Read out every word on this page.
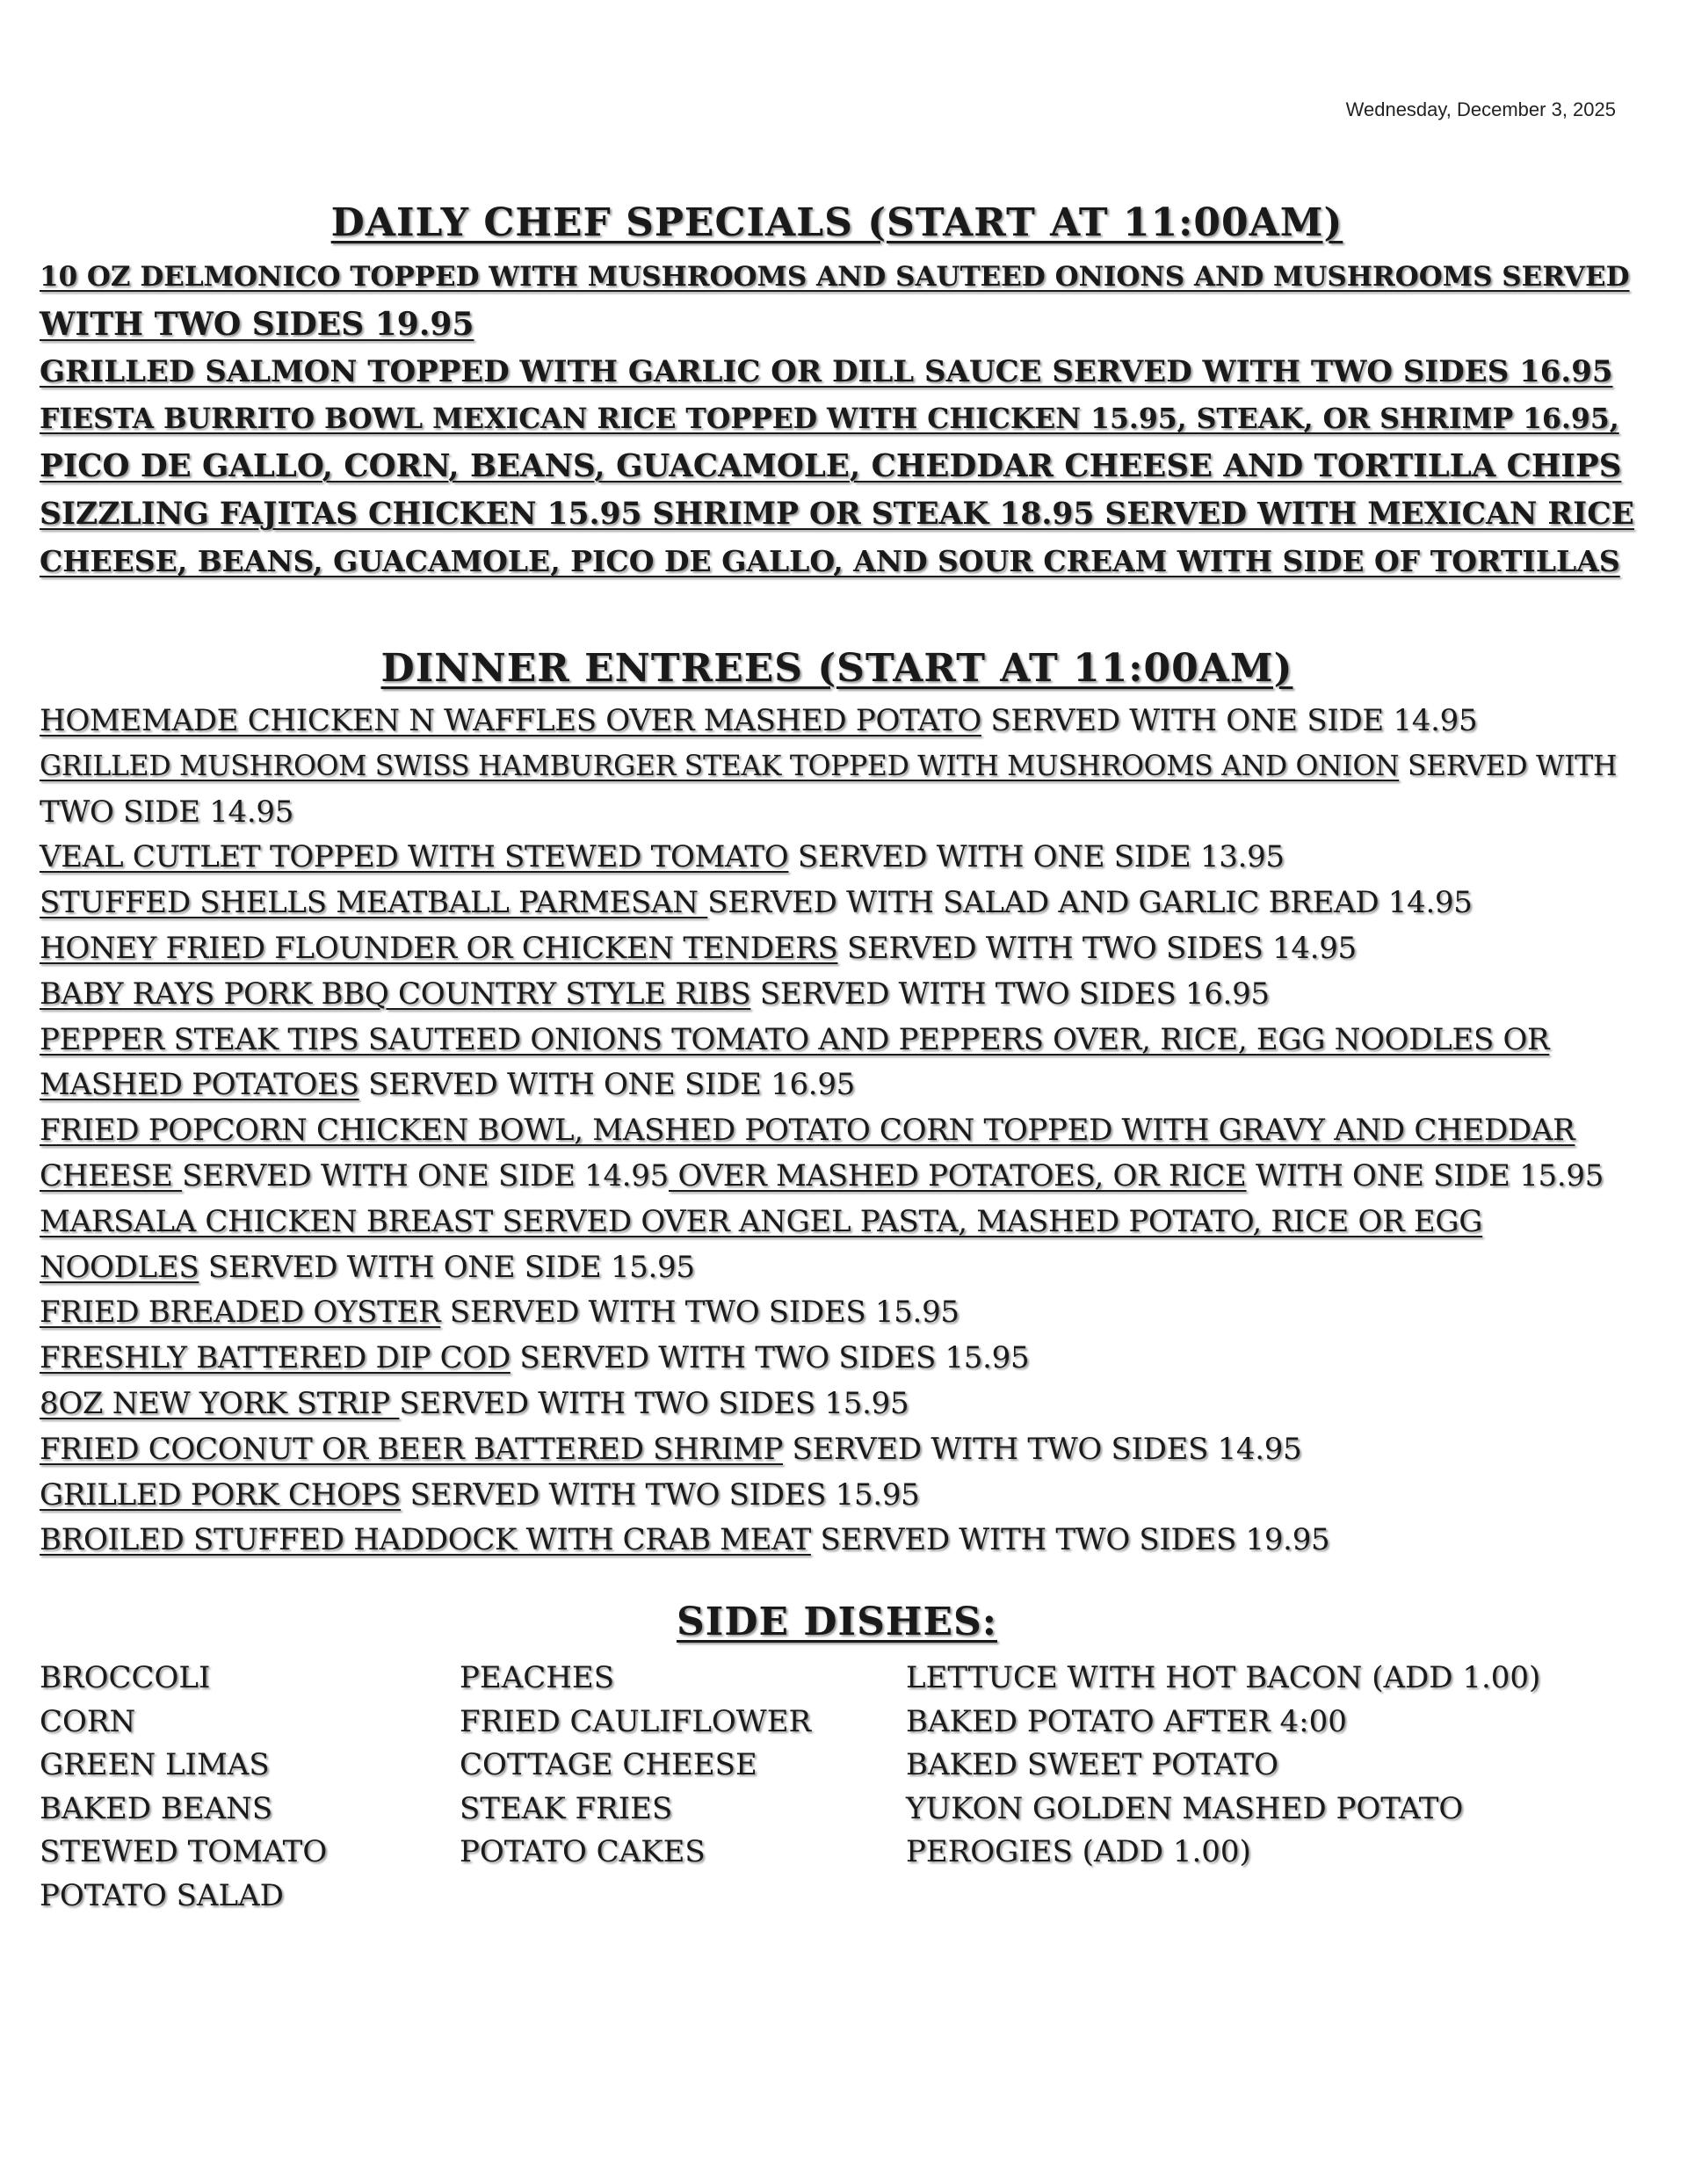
Wednesday, December 3, 2025
DAILY CHEF SPECIALS (START AT 11:00AM)
10 OZ DELMONICO TOPPED WITH MUSHROOMS AND SAUTEED ONIONS AND MUSHROOMS SERVED
WITH TWO SIDES 19.95
GRILLED SALMON TOPPED WITH GARLIC OR DILL SAUCE SERVED WITH TWO SIDES 16.95
FIESTA BURRITO BOWL MEXICAN RICE TOPPED WITH CHICKEN 15.95, STEAK, OR SHRIMP 16.95,
PICO DE GALLO, CORN, BEANS, GUACAMOLE, CHEDDAR CHEESE AND TORTILLA CHIPS
SIZZLING FAJITAS CHICKEN 15.95 SHRIMP OR STEAK 18.95 SERVED WITH MEXICAN RICE
CHEESE, BEANS, GUACAMOLE, PICO DE GALLO, AND SOUR CREAM WITH SIDE OF TORTILLAS
DINNER ENTREES (START AT 11:00AM)
HOMEMADE CHICKEN N WAFFLES OVER MASHED POTATO SERVED WITH ONE SIDE 14.95
GRILLED MUSHROOM SWISS HAMBURGER STEAK TOPPED WITH MUSHROOMS AND ONION SERVED WITH
TWO SIDE 14.95
VEAL CUTLET TOPPED WITH STEWED TOMATO SERVED WITH ONE SIDE 13.95
STUFFED SHELLS MEATBALL PARMESAN SERVED WITH SALAD AND GARLIC BREAD 14.95
HONEY FRIED FLOUNDER OR CHICKEN TENDERS SERVED WITH TWO SIDES 14.95
BABY RAYS PORK BBQ COUNTRY STYLE RIBS SERVED WITH TWO SIDES 16.95
PEPPER STEAK TIPS SAUTEED ONIONS TOMATO AND PEPPERS OVER, RICE, EGG NOODLES OR
MASHED POTATOES SERVED WITH ONE SIDE 16.95
FRIED POPCORN CHICKEN BOWL, MASHED POTATO CORN TOPPED WITH GRAVY AND CHEDDAR
CHEESE SERVED WITH ONE SIDE 14.95 OVER MASHED POTATOES, OR RICE WITH ONE SIDE 15.95
MARSALA CHICKEN BREAST SERVED OVER ANGEL PASTA, MASHED POTATO, RICE OR EGG
NOODLES SERVED WITH ONE SIDE 15.95
FRIED BREADED OYSTER SERVED WITH TWO SIDES 15.95
FRESHLY BATTERED DIP COD SERVED WITH TWO SIDES 15.95
8OZ NEW YORK STRIP SERVED WITH TWO SIDES 15.95
FRIED COCONUT OR BEER BATTERED SHRIMP SERVED WITH TWO SIDES 14.95
GRILLED PORK CHOPS SERVED WITH TWO SIDES 15.95
BROILED STUFFED HADDOCK WITH CRAB MEAT SERVED WITH TWO SIDES 19.95
SIDE DISHES:
BROCCOLI
CORN
GREEN LIMAS
BAKED BEANS
STEWED TOMATO
POTATO SALAD
PEACHES
FRIED CAULIFLOWER
COTTAGE CHEESE
STEAK FRIES
POTATO CAKES
LETTUCE WITH HOT BACON (ADD 1.00)
BAKED POTATO AFTER 4:00
BAKED SWEET POTATO
YUKON GOLDEN MASHED POTATO
PEROGIES (ADD 1.00)
